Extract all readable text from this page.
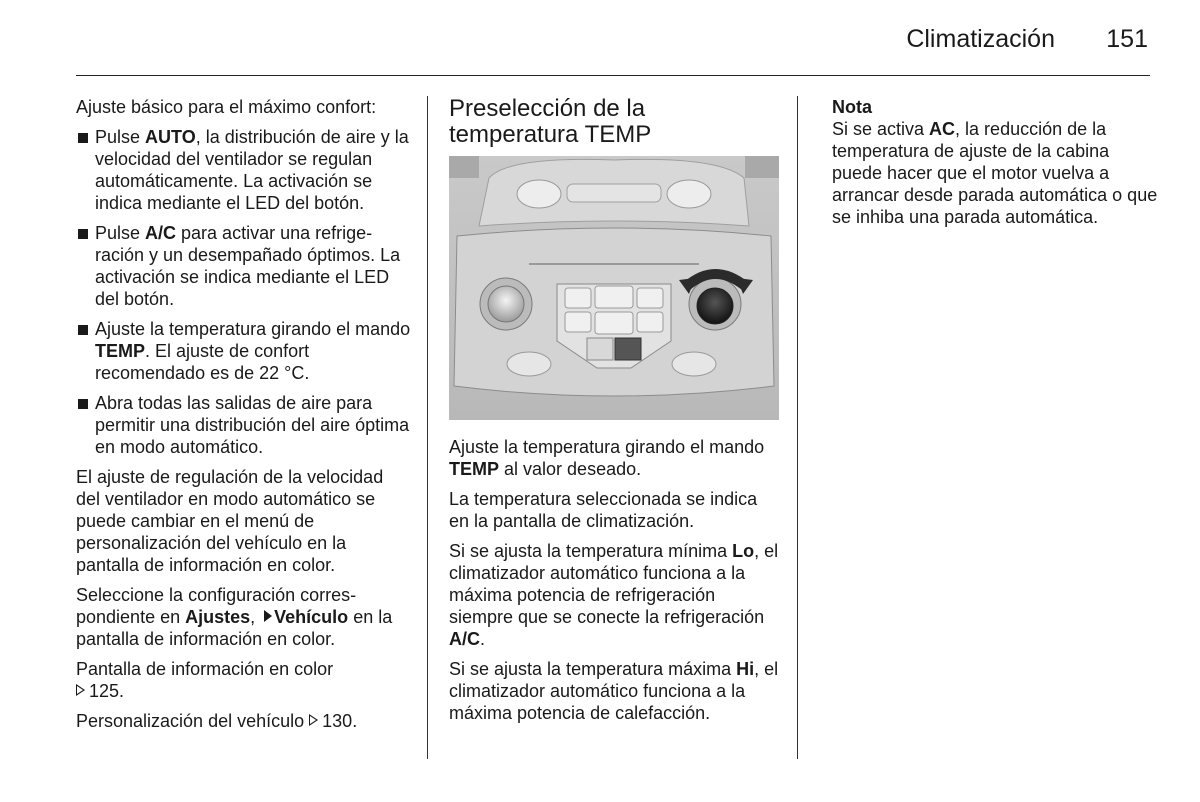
Climatización 151

Ajuste básico para el máximo confort:

Pulse AUTO, la distribución de aire y la velocidad del ventilador se regulan automáticamente. La activación se indica mediante el LED del botón.
Pulse A/C para activar una refrigeración y un desempañado óptimos. La activación se indica mediante el LED del botón.
Ajuste la temperatura girando el mando TEMP. El ajuste de confort recomendado es de 22 °C.
Abra todas las salidas de aire para permitir una distribución del aire óptima en modo automático.

El ajuste de regulación de la velocidad del ventilador en modo automático se puede cambiar en el menú de personalización del vehículo en la pantalla de información en color.

Seleccione la configuración correspondiente en Ajustes, Vehículo en la pantalla de información en color.

Pantalla de información en color
125.

Personalización del vehículo 130.

Preselección de la temperatura TEMP

Ajuste la temperatura girando el mando TEMP al valor deseado.

La temperatura seleccionada se indica en la pantalla de climatización.

Si se ajusta la temperatura mínima Lo, el climatizador automático funciona a la máxima potencia de refrigeración siempre que se conecte la refrigeración A/C.

Si se ajusta la temperatura máxima Hi, el climatizador automático funciona a la máxima potencia de calefacción.

Nota

Si se activa AC, la reducción de la temperatura de ajuste de la cabina puede hacer que el motor vuelva a arrancar desde parada automática o que se inhiba una parada automática.
